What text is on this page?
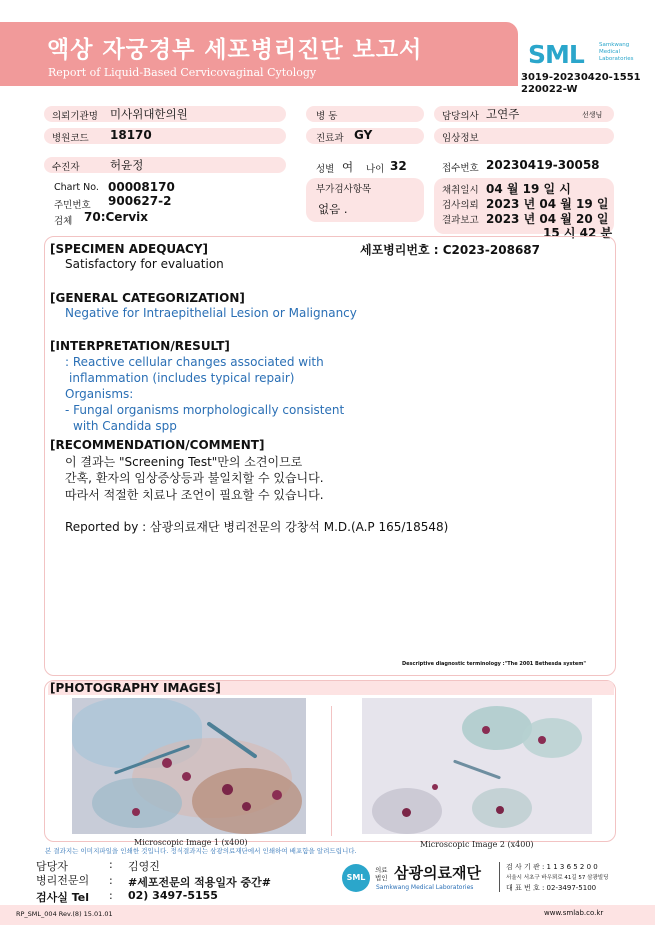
액상 자궁경부 세포병리진단 보고서
Report of Liquid-Based Cervicovaginal Cytology
SML	Samkwang Medical Laboratories
3019-20230420-1551
220022-W
의뢰기관명 미사위대한의원	병 동	담당의사 고연주	선생님
병원코드 18170	진료과 GY	임상정보
수진자	허윤정	성별 여 나이 32	접수번호 20230419-30058
Chart No. 00008170
주민번호 900627-2
검체 70:Cervix
부가검사항목
없음 .
채취일시 04 월 19 일 시
검사의뢰 2023 년 04 월 19 일
결과보고 2023 년 04 월 20 일
15 시 42 분
[SPECIMEN ADEQUACY]	세포병리번호 : C2023-208687
Satisfactory for evaluation
[GENERAL CATEGORIZATION]
Negative for Intraepithelial Lesion or Malignancy
[INTERPRETATION/RESULT]
: Reactive cellular changes associated with
inflammation (includes typical repair)
Organisms:
- Fungal organisms morphologically consistent
with Candida spp
[RECOMMENDATION/COMMENT]
이 결과는 "Screening Test"만의 소견이므로
간혹, 환자의 임상증상등과 불일치할 수 있습니다.
따라서 적절한 치료나 조언이 필요할 수 있습니다.
Reported by : 삼광의료재단 병리전문의 강창석 M.D.(A.P 165/18548)
Descriptive diagnostic terminology :"The 2001 Bethesda system"
[PHOTOGRAPHY IMAGES]
Microscopic Image 1 (x400)	Microscopic Image 2 (x400)
본 결과지는 이미지파일을 인쇄한 것입니다. 정식결과지는 삼광의료재단에서 인쇄하여 배포함을 알려드립니다.
담당자	: 김영진
병리전문의 : #세포전문의 적용일자 중간#
검사실 Tel : 02) 3497-5155
SML
의료
법인 삼광의료재단
Samkwang Medical Laboratories
검 사 기 관 : 1 1 3 6 5 2 0 0
서울시 서초구 바우뫼로 41길 57 삼광빌딩
대 표 번 호 : 02-3497-5100
RP_SML_004 Rev.(8) 15.01.01	www.smlab.co.kr
